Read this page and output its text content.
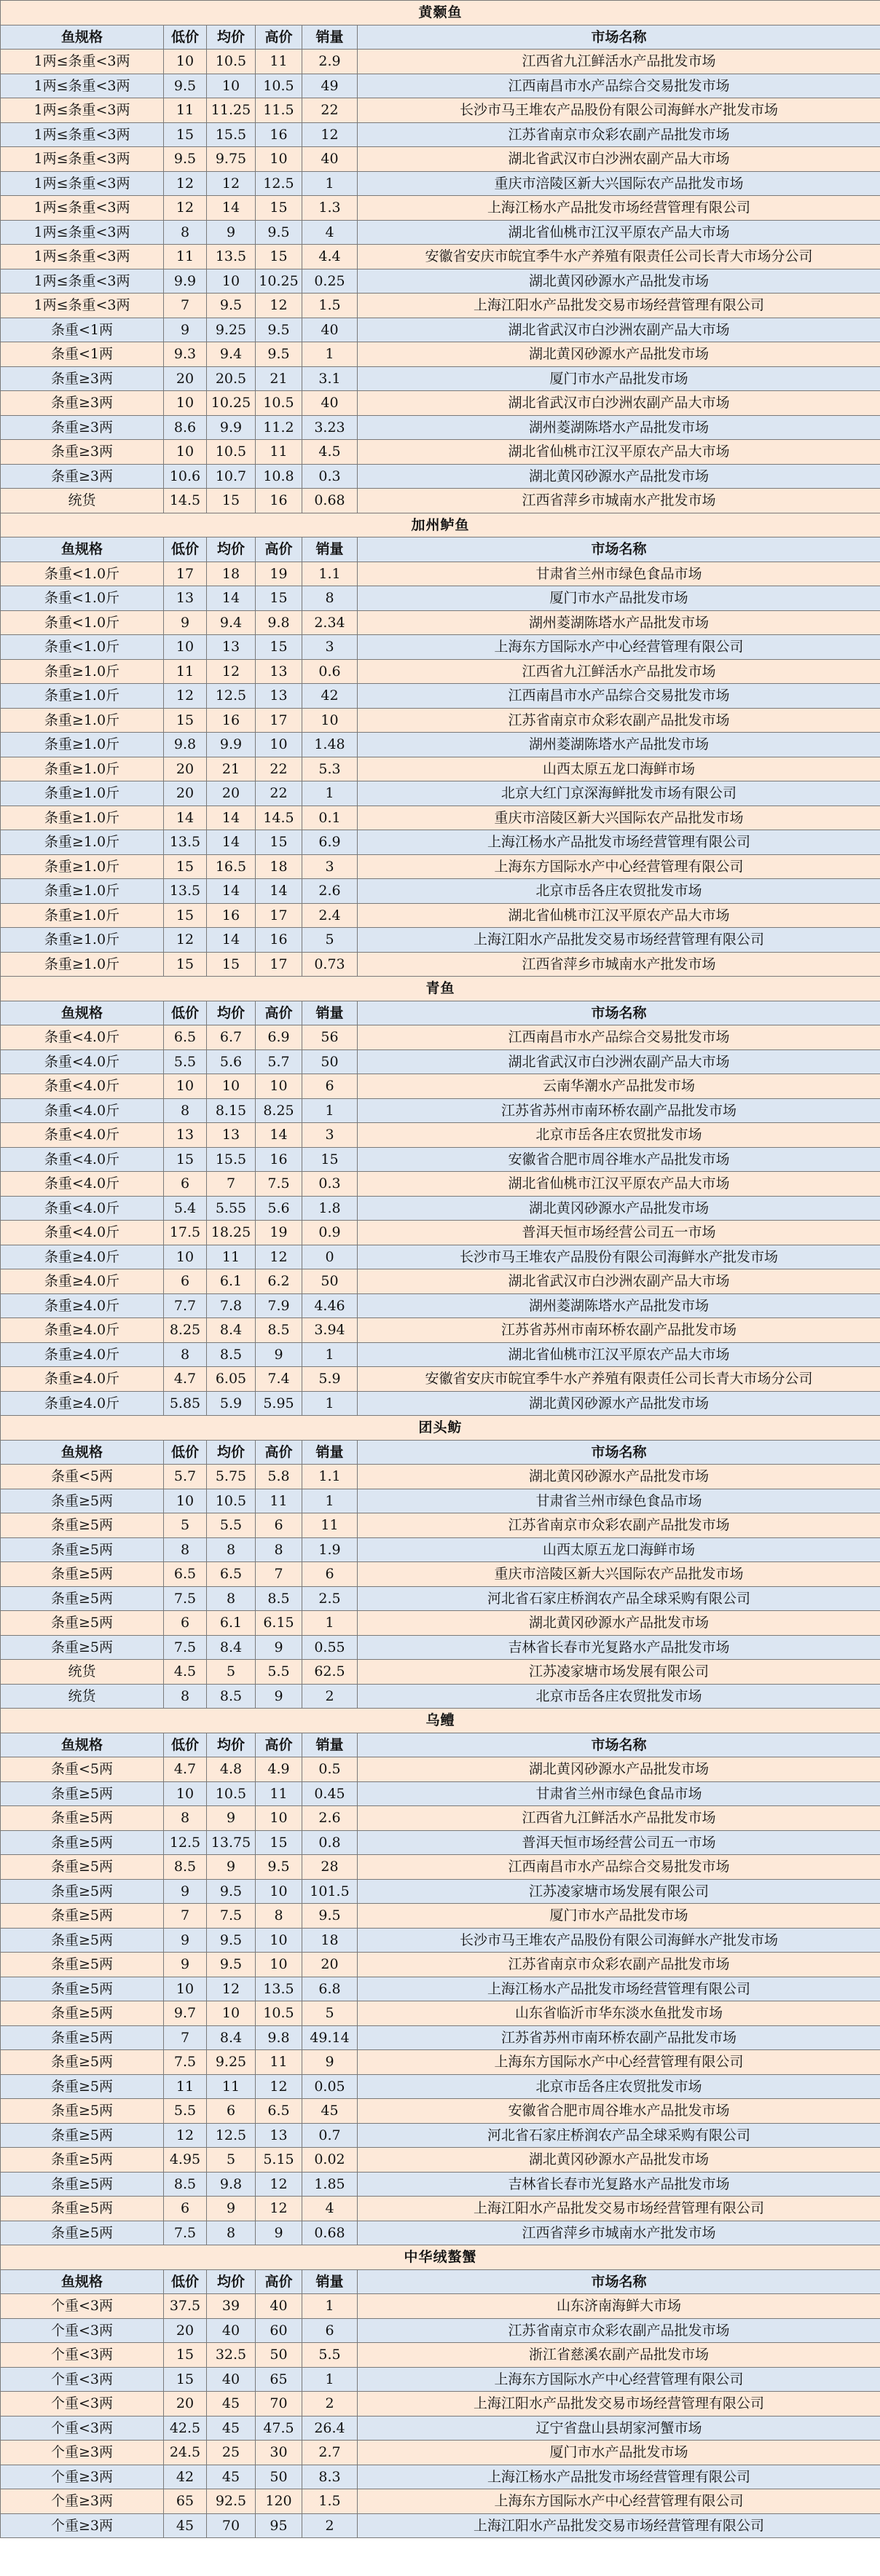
黄颡鱼					
鱼规格	低价	均价	高价	销量	市场名称
1两≤条重<3两	10	10.5	11	2.9	江西省九江鲜活水产品批发市场
1两≤条重<3两	9.5	10	10.5	49	江西南昌市水产品综合交易批发市场
1两≤条重<3两	11	11.25	11.5	22	长沙市马王堆农产品股份有限公司海鲜水产批发市场
1两≤条重<3两	15	15.5	16	12	江苏省南京市众彩农副产品批发市场
1两≤条重<3两	9.5	9.75	10	40	湖北省武汉市白沙洲农副产品大市场
1两≤条重<3两	12	12	12.5	1	重庆市涪陵区新大兴国际农产品批发市场
1两≤条重<3两	12	14	15	1.3	上海江杨水产品批发市场经营管理有限公司
1两≤条重<3两	8	9	9.5	4	湖北省仙桃市江汉平原农产品大市场
1两≤条重<3两	11	13.5	15	4.4	安徽省安庆市皖宜季牛水产养殖有限责任公司长青大市场分公司
1两≤条重<3两	9.9	10	10.25	0.25	湖北黄冈砂源水产品批发市场
1两≤条重<3两	7	9.5	12	1.5	上海江阳水产品批发交易市场经营管理有限公司
条重<1两	9	9.25	9.5	40	湖北省武汉市白沙洲农副产品大市场
条重<1两	9.3	9.4	9.5	1	湖北黄冈砂源水产品批发市场
条重≥3两	20	20.5	21	3.1	厦门市水产品批发市场
条重≥3两	10	10.25	10.5	40	湖北省武汉市白沙洲农副产品大市场
条重≥3两	8.6	9.9	11.2	3.23	湖州菱湖陈塔水产品批发市场
条重≥3两	10	10.5	11	4.5	湖北省仙桃市江汉平原农产品大市场
条重≥3两	10.6	10.7	10.8	0.3	湖北黄冈砂源水产品批发市场
统货	14.5	15	16	0.68	江西省萍乡市城南水产批发市场
加州鲈鱼					
鱼规格	低价	均价	高价	销量	市场名称
条重<1.0斤	17	18	19	1.1	甘肃省兰州市绿色食品市场
条重<1.0斤	13	14	15	8	厦门市水产品批发市场
条重<1.0斤	9	9.4	9.8	2.34	湖州菱湖陈塔水产品批发市场
条重<1.0斤	10	13	15	3	上海东方国际水产中心经营管理有限公司
条重≥1.0斤	11	12	13	0.6	江西省九江鲜活水产品批发市场
条重≥1.0斤	12	12.5	13	42	江西南昌市水产品综合交易批发市场
条重≥1.0斤	15	16	17	10	江苏省南京市众彩农副产品批发市场
条重≥1.0斤	9.8	9.9	10	1.48	湖州菱湖陈塔水产品批发市场
条重≥1.0斤	20	21	22	5.3	山西太原五龙口海鲜市场
条重≥1.0斤	20	20	22	1	北京大红门京深海鲜批发市场有限公司
条重≥1.0斤	14	14	14.5	0.1	重庆市涪陵区新大兴国际农产品批发市场
条重≥1.0斤	13.5	14	15	6.9	上海江杨水产品批发市场经营管理有限公司
条重≥1.0斤	15	16.5	18	3	上海东方国际水产中心经营管理有限公司
条重≥1.0斤	13.5	14	14	2.6	北京市岳各庄农贸批发市场
条重≥1.0斤	15	16	17	2.4	湖北省仙桃市江汉平原农产品大市场
条重≥1.0斤	12	14	16	5	上海江阳水产品批发交易市场经营管理有限公司
条重≥1.0斤	15	15	17	0.73	江西省萍乡市城南水产批发市场
青鱼					
鱼规格	低价	均价	高价	销量	市场名称
条重<4.0斤	6.5	6.7	6.9	56	江西南昌市水产品综合交易批发市场
条重<4.0斤	5.5	5.6	5.7	50	湖北省武汉市白沙洲农副产品大市场
条重<4.0斤	10	10	10	6	云南华潮水产品批发市场
条重<4.0斤	8	8.15	8.25	1	江苏省苏州市南环桥农副产品批发市场
条重<4.0斤	13	13	14	3	北京市岳各庄农贸批发市场
条重<4.0斤	15	15.5	16	15	安徽省合肥市周谷堆水产品批发市场
条重<4.0斤	6	7	7.5	0.3	湖北省仙桃市江汉平原农产品大市场
条重<4.0斤	5.4	5.55	5.6	1.8	湖北黄冈砂源水产品批发市场
条重<4.0斤	17.5	18.25	19	0.9	普洱天恒市场经营公司五一市场
条重≥4.0斤	10	11	12	0	长沙市马王堆农产品股份有限公司海鲜水产批发市场
条重≥4.0斤	6	6.1	6.2	50	湖北省武汉市白沙洲农副产品大市场
条重≥4.0斤	7.7	7.8	7.9	4.46	湖州菱湖陈塔水产品批发市场
条重≥4.0斤	8.25	8.4	8.5	3.94	江苏省苏州市南环桥农副产品批发市场
条重≥4.0斤	8	8.5	9	1	湖北省仙桃市江汉平原农产品大市场
条重≥4.0斤	4.7	6.05	7.4	5.9	安徽省安庆市皖宜季牛水产养殖有限责任公司长青大市场分公司
条重≥4.0斤	5.85	5.9	5.95	1	湖北黄冈砂源水产品批发市场
团头鲂					
鱼规格	低价	均价	高价	销量	市场名称
条重<5两	5.7	5.75	5.8	1.1	湖北黄冈砂源水产品批发市场
条重≥5两	10	10.5	11	1	甘肃省兰州市绿色食品市场
条重≥5两	5	5.5	6	11	江苏省南京市众彩农副产品批发市场
条重≥5两	8	8	8	1.9	山西太原五龙口海鲜市场
条重≥5两	6.5	6.5	7	6	重庆市涪陵区新大兴国际农产品批发市场
条重≥5两	7.5	8	8.5	2.5	河北省石家庄桥润农产品全球采购有限公司
条重≥5两	6	6.1	6.15	1	湖北黄冈砂源水产品批发市场
条重≥5两	7.5	8.4	9	0.55	吉林省长春市光复路水产品批发市场
统货	4.5	5	5.5	62.5	江苏凌家塘市场发展有限公司
统货	8	8.5	9	2	北京市岳各庄农贸批发市场
乌鳢					
鱼规格	低价	均价	高价	销量	市场名称
条重<5两	4.7	4.8	4.9	0.5	湖北黄冈砂源水产品批发市场
条重≥5两	10	10.5	11	0.45	甘肃省兰州市绿色食品市场
条重≥5两	8	9	10	2.6	江西省九江鲜活水产品批发市场
条重≥5两	12.5	13.75	15	0.8	普洱天恒市场经营公司五一市场
条重≥5两	8.5	9	9.5	28	江西南昌市水产品综合交易批发市场
条重≥5两	9	9.5	10	101.5	江苏凌家塘市场发展有限公司
条重≥5两	7	7.5	8	9.5	厦门市水产品批发市场
条重≥5两	9	9.5	10	18	长沙市马王堆农产品股份有限公司海鲜水产批发市场
条重≥5两	9	9.5	10	20	江苏省南京市众彩农副产品批发市场
条重≥5两	10	12	13.5	6.8	上海江杨水产品批发市场经营管理有限公司
条重≥5两	9.7	10	10.5	5	山东省临沂市华东淡水鱼批发市场
条重≥5两	7	8.4	9.8	49.14	江苏省苏州市南环桥农副产品批发市场
条重≥5两	7.5	9.25	11	9	上海东方国际水产中心经营管理有限公司
条重≥5两	11	11	12	0.05	北京市岳各庄农贸批发市场
条重≥5两	5.5	6	6.5	45	安徽省合肥市周谷堆水产品批发市场
条重≥5两	12	12.5	13	0.7	河北省石家庄桥润农产品全球采购有限公司
条重≥5两	4.95	5	5.15	0.02	湖北黄冈砂源水产品批发市场
条重≥5两	8.5	9.8	12	1.85	吉林省长春市光复路水产品批发市场
条重≥5两	6	9	12	4	上海江阳水产品批发交易市场经营管理有限公司
条重≥5两	7.5	8	9	0.68	江西省萍乡市城南水产批发市场
中华绒螯蟹					
鱼规格	低价	均价	高价	销量	市场名称
个重<3两	37.5	39	40	1	山东济南海鲜大市场
个重<3两	20	40	60	6	江苏省南京市众彩农副产品批发市场
个重<3两	15	32.5	50	5.5	浙江省慈溪农副产品批发市场
个重<3两	15	40	65	1	上海东方国际水产中心经营管理有限公司
个重<3两	20	45	70	2	上海江阳水产品批发交易市场经营管理有限公司
个重<3两	42.5	45	47.5	26.4	辽宁省盘山县胡家河蟹市场
个重≥3两	24.5	25	30	2.7	厦门市水产品批发市场
个重≥3两	42	45	50	8.3	上海江杨水产品批发市场经营管理有限公司
个重≥3两	65	92.5	120	1.5	上海东方国际水产中心经营管理有限公司
个重≥3两	45	70	95	2	上海江阳水产品批发交易市场经营管理有限公司
